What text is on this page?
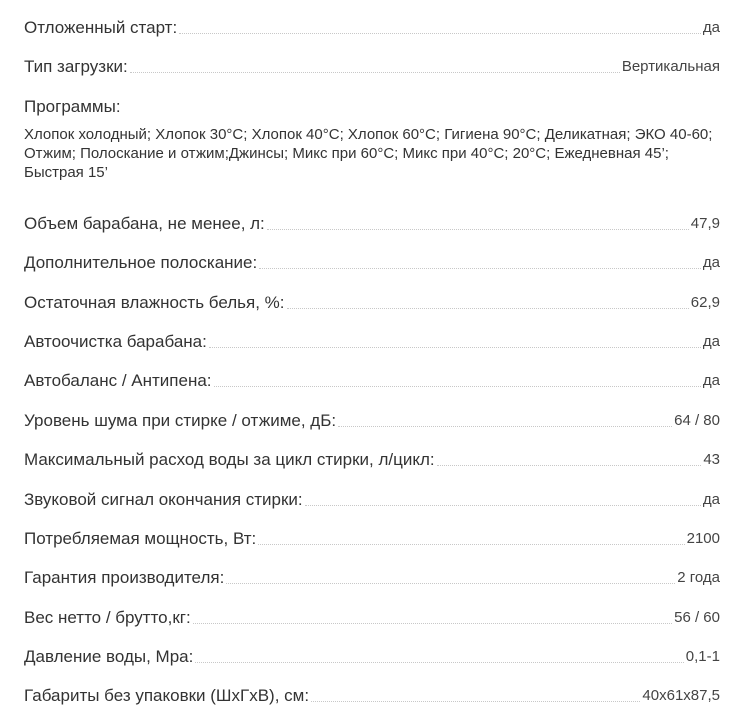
Отложенный старт:	да
Тип загрузки:	Вертикальная
Программы:
Хлопок холодный; Хлопок 30°C; Хлопок 40°C; Хлопок 60°C; Гигиена 90°C; Деликатная; ЭКО 40-60; Отжим; Полоскание и отжим;Джинсы; Микс при 60°C; Микс при 40°C; 20°C; Ежедневная 45’; Быстрая 15’
Объем барабана, не менее, л:	47,9
Дополнительное полоскание:	да
Остаточная влажность белья, %:	62,9
Автоочистка барабана:	да
Автобаланс / Антипена:	да
Уровень шума при стирке / отжиме, дБ:	64 / 80
Максимальный расход воды за цикл стирки, л/цикл:	43
Звуковой сигнал окончания стирки:	да
Потребляемая мощность, Вт:	2100
Гарантия производителя:	2 года
Вес нетто / брутто,кг:	56 / 60
Давление воды, Мра:	0,1-1
Габариты без упаковки (ШхГхВ), см:	40x61x87,5
